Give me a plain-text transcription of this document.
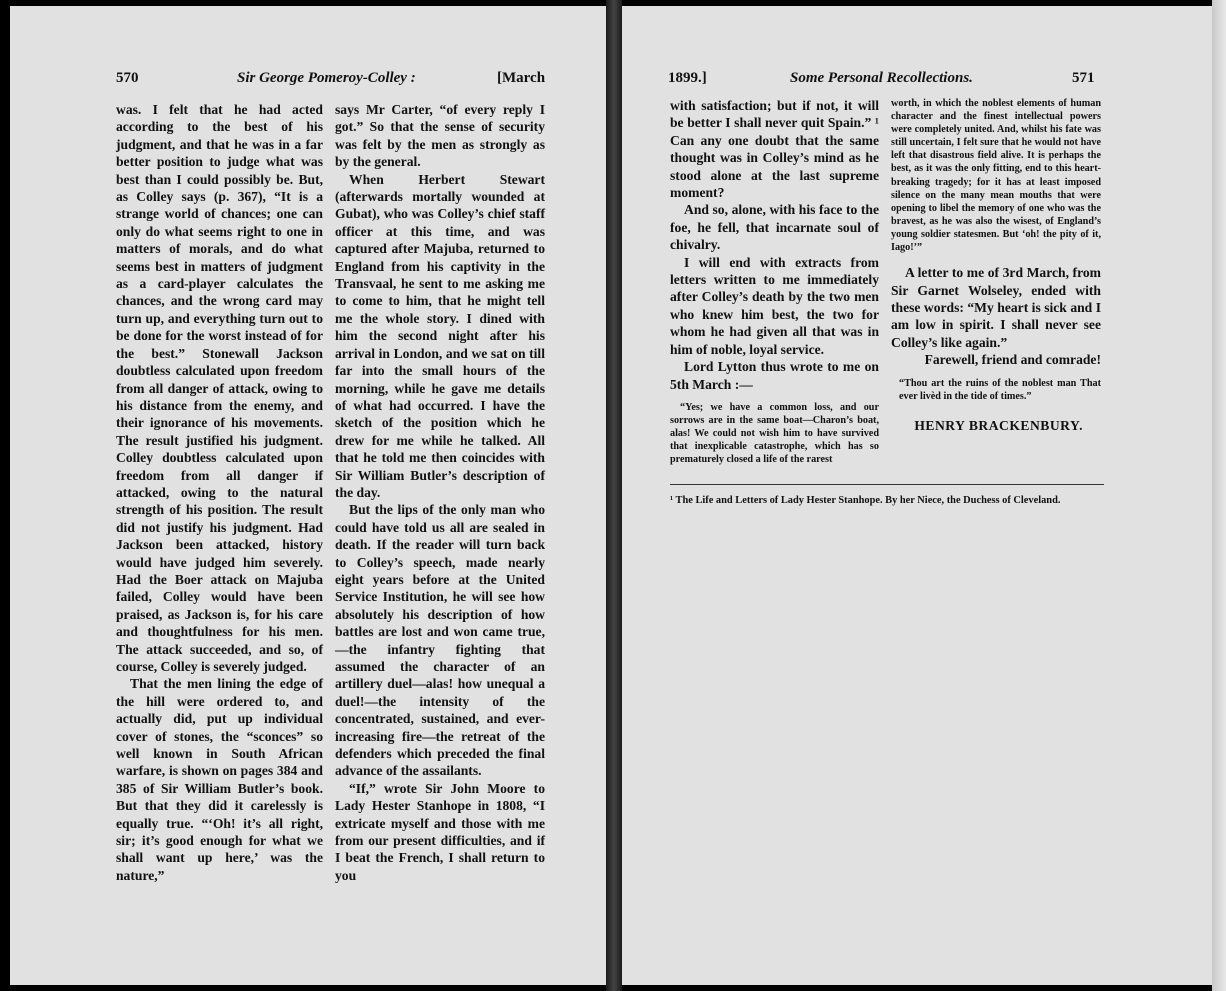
570	Sir George Pomeroy-Colley :	[March

was. I felt that he had acted according to the best of his judgment, and that he was in a far better position to judge what was best than I could possibly be. But, as Colley says (p. 367), “It is a strange world of chances; one can only do what seems right to one in matters of morals, and do what seems best in matters of judgment as a card-player calculates the chances, and the wrong card may turn up, and everything turn out to be done for the worst instead of for the best.” Stonewall Jackson doubtless calculated upon freedom from all danger of attack, owing to his distance from the enemy, and their ignorance of his movements. The result justified his judgment. Colley doubtless calculated upon freedom from all danger if attacked, owing to the natural strength of his position. The result did not justify his judgment. Had Jackson been attacked, history would have judged him severely. Had the Boer attack on Majuba failed, Colley would have been praised, as Jackson is, for his care and thoughtfulness for his men. The attack succeeded, and so, of course, Colley is severely judged.

That the men lining the edge of the hill were ordered to, and actually did, put up individual cover of stones, the “sconces” so well known in South African warfare, is shown on pages 384 and 385 of Sir William Butler’s book. But that they did it carelessly is equally true. “‘Oh! it’s all right, sir; it’s good enough for what we shall want up here,’ was the nature,”

says Mr Carter, “of every reply I got.” So that the sense of security was felt by the men as strongly as by the general.

When Herbert Stewart (afterwards mortally wounded at Gubat), who was Colley’s chief staff officer at this time, and was captured after Majuba, returned to England from his captivity in the Transvaal, he sent to me asking me to come to him, that he might tell me the whole story. I dined with him the second night after his arrival in London, and we sat on till far into the small hours of the morning, while he gave me details of what had occurred. I have the sketch of the position which he drew for me while he talked. All that he told me then coincides with Sir William Butler’s description of the day.

But the lips of the only man who could have told us all are sealed in death. If the reader will turn back to Colley’s speech, made nearly eight years before at the United Service Institution, he will see how absolutely his description of how battles are lost and won came true,—the infantry fighting that assumed the character of an artillery duel—alas! how unequal a duel!—the intensity of the concentrated, sustained, and ever-increasing fire—the retreat of the defenders which preceded the final advance of the assailants.

“If,” wrote Sir John Moore to Lady Hester Stanhope in 1808, “I extricate myself and those with me from our present difficulties, and if I beat the French, I shall return to you

1899.]	Some Personal Recollections.	571

with satisfaction; but if not, it will be better I shall never quit Spain.” ¹ Can any one doubt that the same thought was in Colley’s mind as he stood alone at the last supreme moment?

And so, alone, with his face to the foe, he fell, that incarnate soul of chivalry.

I will end with extracts from letters written to me immediately after Colley’s death by the two men who knew him best, the two for whom he had given all that was in him of noble, loyal service.

Lord Lytton thus wrote to me on 5th March :—

“Yes; we have a common loss, and our sorrows are in the same boat—Charon’s boat, alas! We could not wish him to have survived that inexplicable catastrophe, which has so prematurely closed a life of the rarest
worth, in which the noblest elements of human character and the finest intellectual powers were completely united. And, whilst his fate was still uncertain, I felt sure that he would not have left that disastrous field alive. It is perhaps the best, as it was the only fitting, end to this heart-breaking tragedy; for it has at least imposed silence on the many mean mouths that were opening to libel the memory of one who was the bravest, as he was also the wisest, of England’s young soldier statesmen. But ‘oh! the pity of it, Iago!’”

A letter to me of 3rd March, from Sir Garnet Wolseley, ended with these words: “My heart is sick and I am low in spirit. I shall never see Colley’s like again.”

Farewell, friend and comrade!

“Thou art the ruins of the noblest man That ever livèd in the tide of times.”
HENRY BRACKENBURY.
¹ The Life and Letters of Lady Hester Stanhope. By her Niece, the Duchess of Cleveland.
